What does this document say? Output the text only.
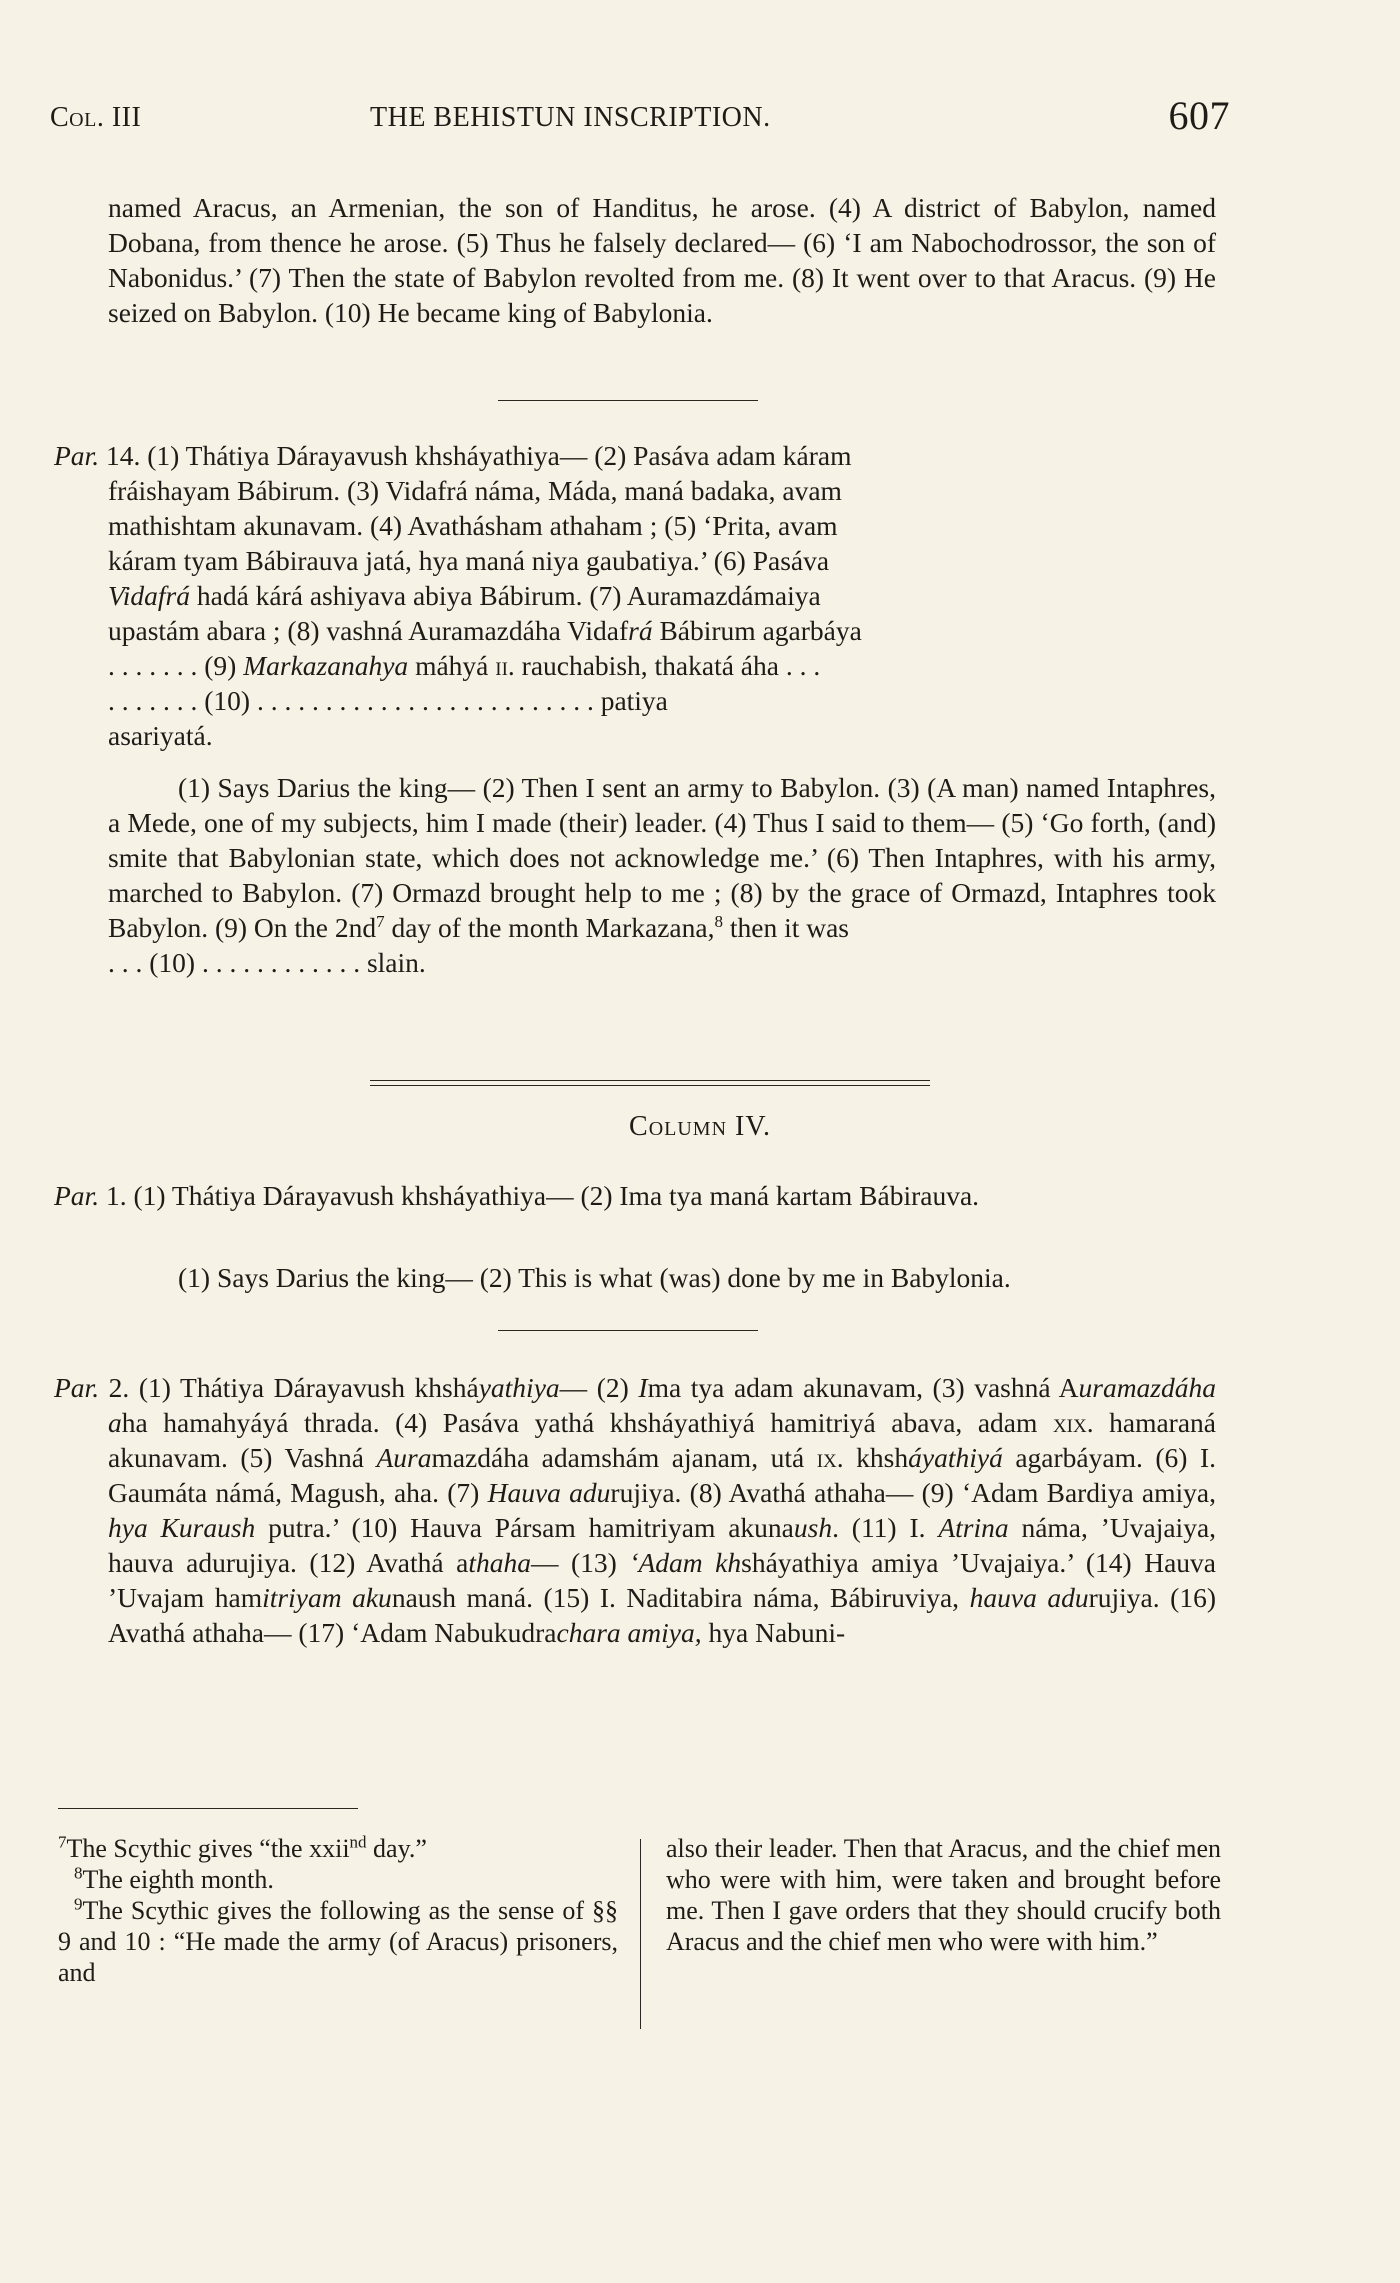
Col. III	THE BEHISTUN INSCRIPTION.	607

named Aracus, an Armenian, the son of Handitus, he arose. (4) A district of Babylon, named Dobana, from thence he arose. (5) Thus he falsely declared— (6) ‘I am Nabochodrossor, the son of Nabonidus.’ (7) Then the state of Babylon revolted from me. (8) It went over to that Aracus. (9) He seized on Babylon. (10) He became king of Babylonia.

Par. 14. (1) Thátiya Dárayavush khsháyathiya— (2) Pasáva adam káram

fráishayam Bábirum. (3) Vidafrá náma, Máda, maná badaka, avam

mathishtam akunavam. (4) Avathásham athaham ; (5) ‘Prita, avam

káram tyam Bábirauva jatá, hya maná niya gaubatiya.’ (6) Pasáva

Vidafrá hadá kárá ashiyava abiya Bábirum. (7) Auramazdámaiya

upastám abara ; (8) vashná Auramazdáha Vidafrá Bábirum agarbáya

. . . . . . . (9) Markazanahya máhyá ii. rauchabish, thakatá áha . . .

. . . . . . . (10) . . . . . . . . . . . . . . . . . . . . . . . . . patiya

asariyatá.

(1) Says Darius the king— (2) Then I sent an army to Babylon. (3) (A man) named Intaphres, a Mede, one of my subjects, him I made (their) leader. (4) Thus I said to them— (5) ‘Go forth, (and) smite that Babylonian state, which does not acknowledge me.’ (6) Then Intaphres, with his army, marched to Babylon. (7) Ormazd brought help to me ; (8) by the grace of Ormazd, Intaphres took Babylon. (9) On the $2nd^7$ day of the month Markazana,$^8$ then it was

. . . (10) . . . . . . . . . . . . slain.

Column IV.

Par. 1. (1) Thátiya Dárayavush khsháyathiya— (2) Ima tya maná kartam Bábirauva.

(1) Says Darius the king— (2) This is what (was) done by me in Babylonia.

Par. 2. (1) Thátiya Dárayavush khsháyathiya— (2) Ima tya adam akunavam, (3) vashná Auramazdáha aha hamahyáyá thrada. (4) Pasáva yathá khsháyathiyá hamitriyá abava, adam xix. hamaraná akunavam. (5) Vashná Auramazdáha adamshám ajanam, utá ix. khsháyathiyá agarbáyam. (6) I. Gaumáta námá, Magush, aha. (7) Hauva adurujiya. (8) Avathá athaha— (9) ‘Adam Bardiya amiya, hya Kuraush putra.’ (10) Hauva Pársam hamitriyam akunaush. (11) I. Atrina náma, ’Uvajaiya, hauva adurujiya. (12) Avathá athaha— (13) ‘Adam khsháyathiya amiya ’Uvajaiya.’ (14) Hauva ’Uvajam hamitriyam akunaush maná. (15) I. Naditabira náma, Bábiruviya, hauva adurujiya. (16) Avathá athaha— (17) ‘Adam Nabukudrachara amiya, hya Nabuni-

$^7$The Scythic gives “the xxii$^{nd}$ day.”

$^8$The eighth month.

$^9$The Scythic gives the following as the sense of §§ 9 and 10 : “He made the army (of Aracus) prisoners, and

also their leader. Then that Aracus, and the chief men who were with him, were taken and brought before me. Then I gave orders that they should crucify both Aracus and the chief men who were with him.”
